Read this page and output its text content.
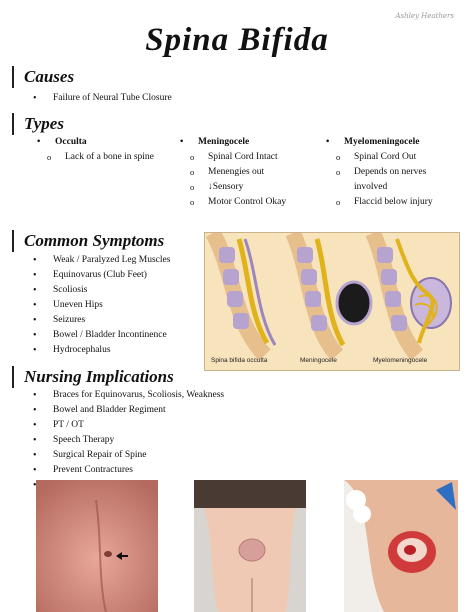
Ashley Heathers
Spina Bifida
Causes
• Failure of Neural Tube Closure
Types
• Occulta
o Lack of a bone in spine
• Meningocele
o Spinal Cord Intact
o Menengies out
o ↓Sensory
o Motor Control Okay
• Myelomeningocele
o Spinal Cord Out
o Depends on nerves involved
o Flaccid below injury
Common Symptoms
• Weak / Paralyzed Leg Muscles
• Equinovarus (Club Feet)
• Scoliosis
• Uneven Hips
• Seizures
• Bowel / Bladder Incontinence
• Hydrocephalus
Spina bifida occulta	Meningocele	Myelomeningocele
Nursing Implications
• Braces for Equinovarus, Scoliosis, Weakness
• Bowel and Bladder Regiment
• PT / OT
• Speech Therapy
• Surgical Repair of Spine
• Prevent Contractures
•
